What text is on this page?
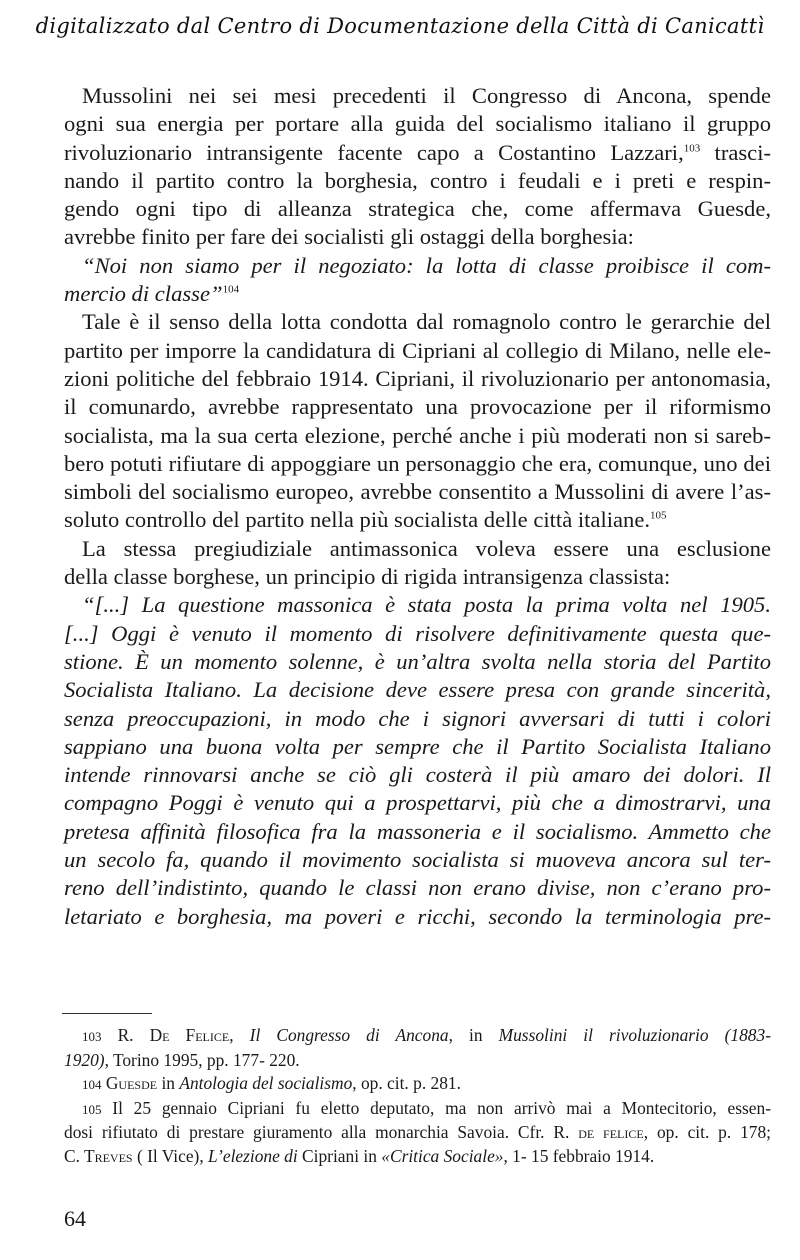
digitalizzato dal Centro di Documentazione della Città di Canicattì
Mussolini nei sei mesi precedenti il Congresso di Ancona, spende
ogni sua energia per portare alla guida del socialismo italiano il gruppo
rivoluzionario intransigente facente capo a Costantino Lazzari,$^{103}$ trasci-
nando il partito contro la borghesia, contro i feudali e i preti e respin-
gendo ogni tipo di alleanza strategica che, come affermava Guesde,
avrebbe finito per fare dei socialisti gli ostaggi della borghesia:
“Noi non siamo per il negoziato: la lotta di classe proibisce il com-
mercio di classe”$^{104}$
Tale è il senso della lotta condotta dal romagnolo contro le gerarchie del
partito per imporre la candidatura di Cipriani al collegio di Milano, nelle ele-
zioni politiche del febbraio 1914. Cipriani, il rivoluzionario per antonomasia,
il comunardo, avrebbe rappresentato una provocazione per il riformismo
socialista, ma la sua certa elezione, perché anche i più moderati non si sareb-
bero potuti rifiutare di appoggiare un personaggio che era, comunque, uno dei
simboli del socialismo europeo, avrebbe consentito a Mussolini di avere l’as-
soluto controllo del partito nella più socialista delle città italiane.$^{105}$
La stessa pregiudiziale antimassonica voleva essere una esclusione
della classe borghese, un principio di rigida intransigenza classista:
“[...] La questione massonica è stata posta la prima volta nel 1905.
[...] Oggi è venuto il momento di risolvere definitivamente questa que-
stione. È un momento solenne, è un’altra svolta nella storia del Partito
Socialista Italiano. La decisione deve essere presa con grande sincerità,
senza preoccupazioni, in modo che i signori avversari di tutti i colori
sappiano una buona volta per sempre che il Partito Socialista Italiano
intende rinnovarsi anche se ciò gli costerà il più amaro dei dolori. Il
compagno Poggi è venuto qui a prospettarvi, più che a dimostrarvi, una
pretesa affinità filosofica fra la massoneria e il socialismo. Ammetto che
un secolo fa, quando il movimento socialista si muoveva ancora sul ter-
reno dell’indistinto, quando le classi non erano divise, non c’erano pro-
letariato e borghesia, ma poveri e ricchi, secondo la terminologia pre-
103 R. De Felice, Il Congresso di Ancona, in Mussolini il rivoluzionario (1883-
1920), Torino 1995, pp. 177- 220.
104 Guesde in Antologia del socialismo, op. cit. p. 281.
105 Il 25 gennaio Cipriani fu eletto deputato, ma non arrivò mai a Montecitorio, essen-
dosi rifiutato di prestare giuramento alla monarchia Savoia. Cfr. R. de felice, op. cit. p. 178;
C. Treves ( Il Vice), L’elezione di Cipriani in «Critica Sociale», 1- 15 febbraio 1914.
64
